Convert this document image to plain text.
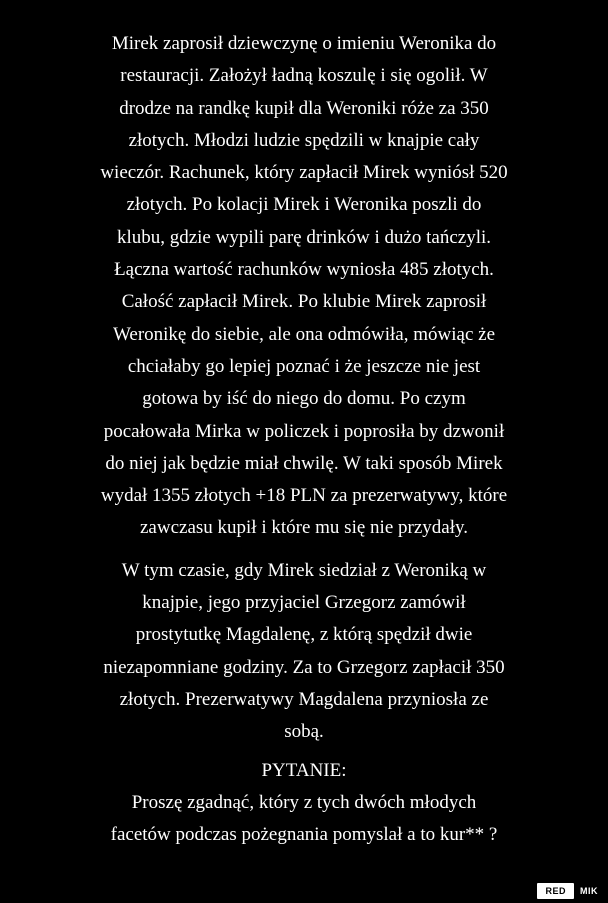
Mirek zaprosił dziewczynę o imieniu Weronika do
restauracji. Założył ładną koszulę i się ogolił. W
drodze na randkę kupił dla Weroniki róże za 350
złotych. Młodzi ludzie spędzili w knajpie cały
wieczór. Rachunek, który zapłacił Mirek wyniósł 520
złotych. Po kolacji Mirek i Weronika poszli do
klubu, gdzie wypili parę drinków i dużo tańczyli.
Łączna wartość rachunków wyniosła 485 złotych.
Całość zapłacił Mirek. Po klubie Mirek zaprosił
Weronikę do siebie, ale ona odmówiła, mówiąc że
chciałaby go lepiej poznać i że jeszcze nie jest
gotowa by iść do niego do domu. Po czym
pocałowała Mirka w policzek i poprosiła by dzwonił
do niej jak będzie miał chwilę. W taki sposób Mirek
wydał 1355 złotych +18 PLN za prezerwatywy, które
zawczasu kupił i które mu się nie przydały.

W tym czasie, gdy Mirek siedział z Weroniką w
knajpie, jego przyjaciel Grzegorz zamówił
prostytutkę Magdalenę, z którą spędził dwie
niezapomniane godziny. Za to Grzegorz zapłacił 350
złotych. Prezerwatywy Magdalena przyniosła ze
sobą.

PYTANIE:

Proszę zgadnąć, który z tych dwóch młodych
facetów podczas pożegnania pomyslał a to kur** ?

RED	MIK
